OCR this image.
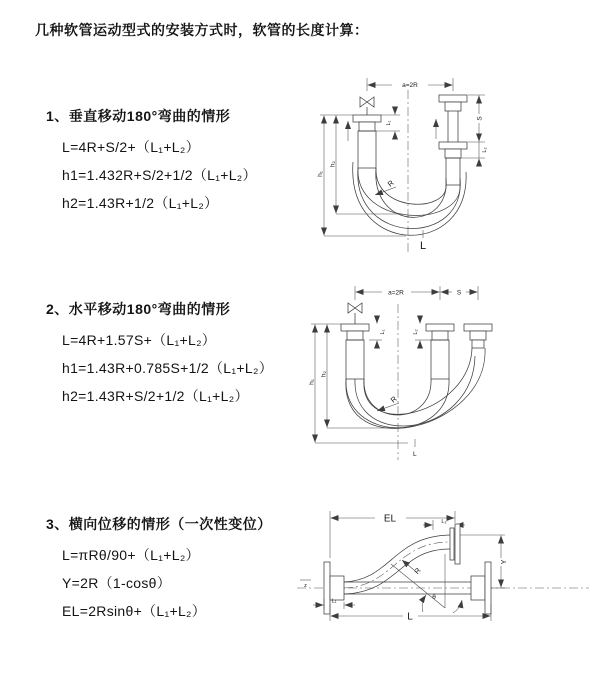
几种软管运动型式的安装方式时，软管的长度计算：
1、垂直移动180°弯曲的情形
L=4R+S/2+（L₁+L₂）
h1=1.432R+S/2+1/2（L₁+L₂）
h2=1.43R+1/2（L₁+L₂）
2、水平移动180°弯曲的情形
L=4R+1.57S+（L₁+L₂）
h1=1.43R+0.785S+1/2（L₁+L₂）
h2=1.43R+S/2+1/2（L₁+L₂）
3、横向位移的情形（一次性变位）
L=πRθ/90+（L₁+L₂）
Y=2R（1-cosθ）
EL=2Rsinθ+（L₁+L₂）
a=2R
L₁
S
L₂
h₁
h₂
R
L
a=2R	S
L₁	L₂
h₁
h₂
R
L
z
EL	L₂
Y
L
L₁
R
θ
